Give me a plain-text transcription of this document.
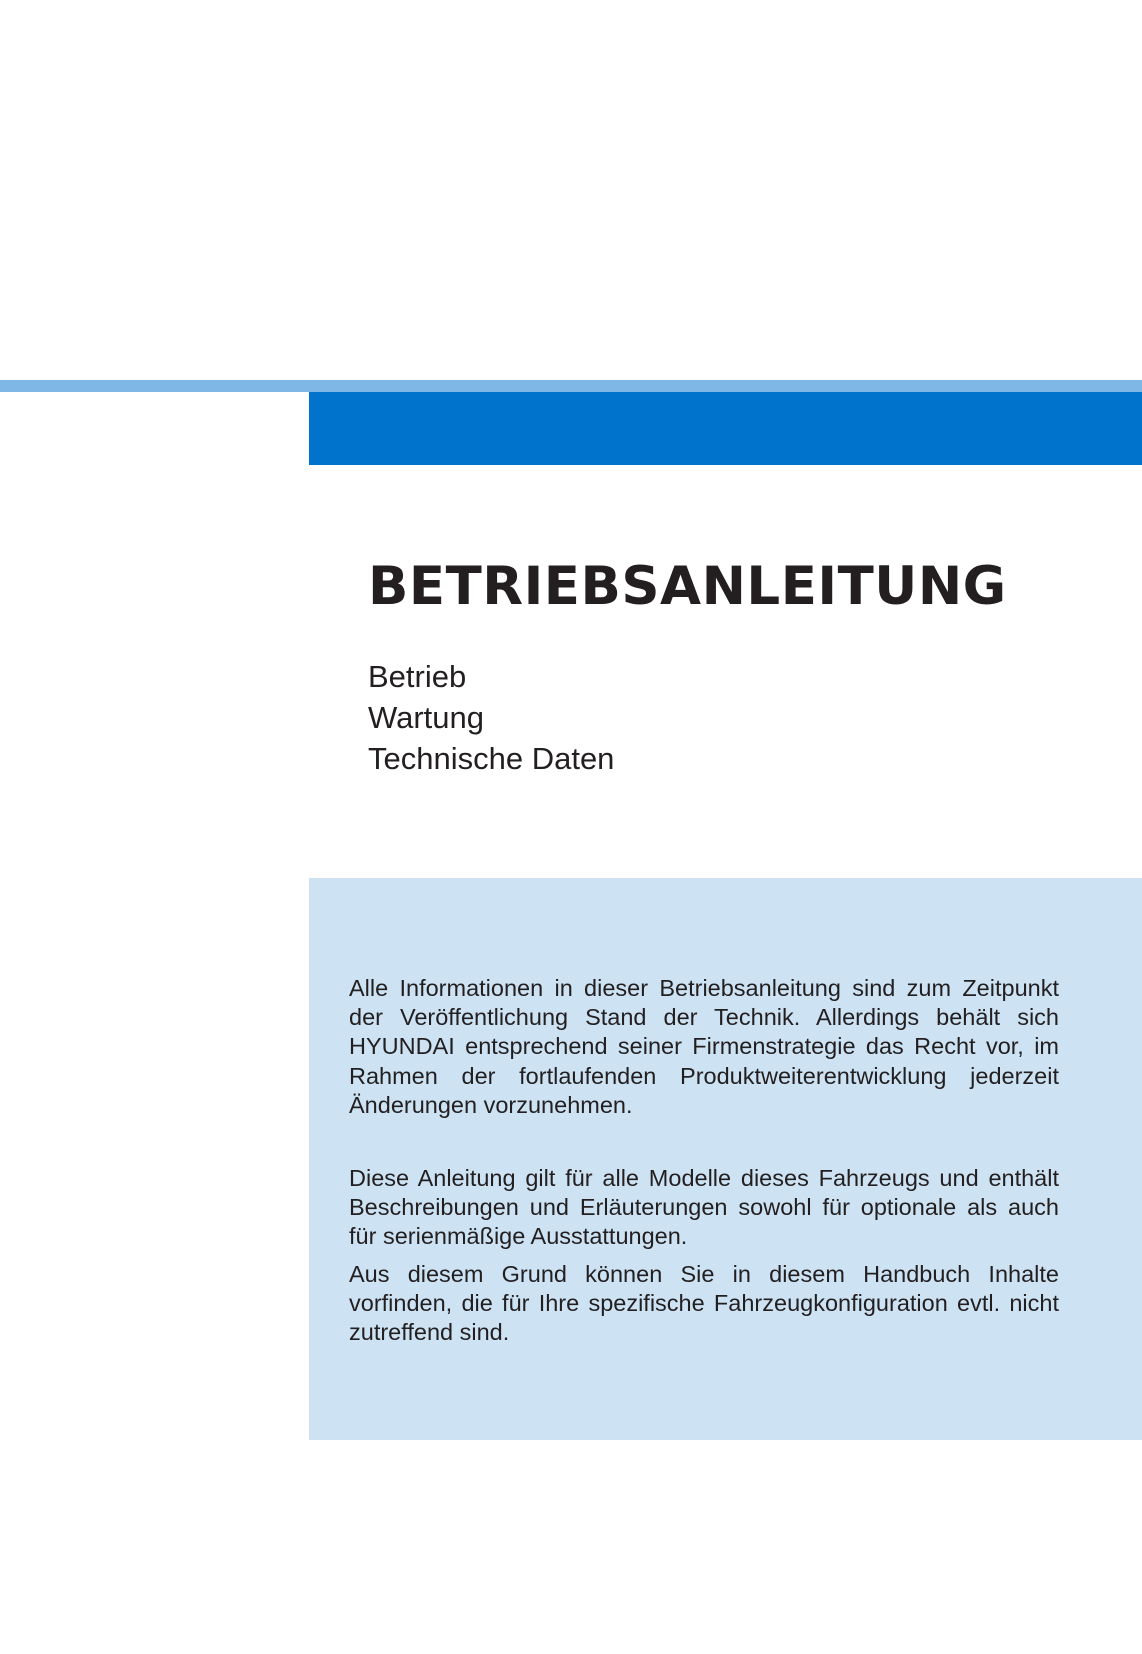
BETRIEBSANLEITUNG
Betrieb
Wartung
Technische Daten

Alle Informationen in dieser Betriebsanleitung sind zum Zeitpunkt der Veröffentlichung Stand der Technik. Allerdings behält sich HYUNDAI entsprechend seiner Firmenstrategie das Recht vor, im Rahmen der fortlaufenden Produktweiterentwicklung jederzeit Änderungen vorzunehmen.

Diese Anleitung gilt für alle Modelle dieses Fahrzeugs und enthält Beschreibungen und Erläuterungen sowohl für optionale als auch für serienmäßige Ausstattungen.

Aus diesem Grund können Sie in diesem Handbuch Inhalte vorfinden, die für Ihre spezifische Fahrzeugkonfiguration evtl. nicht zutreffend sind.
